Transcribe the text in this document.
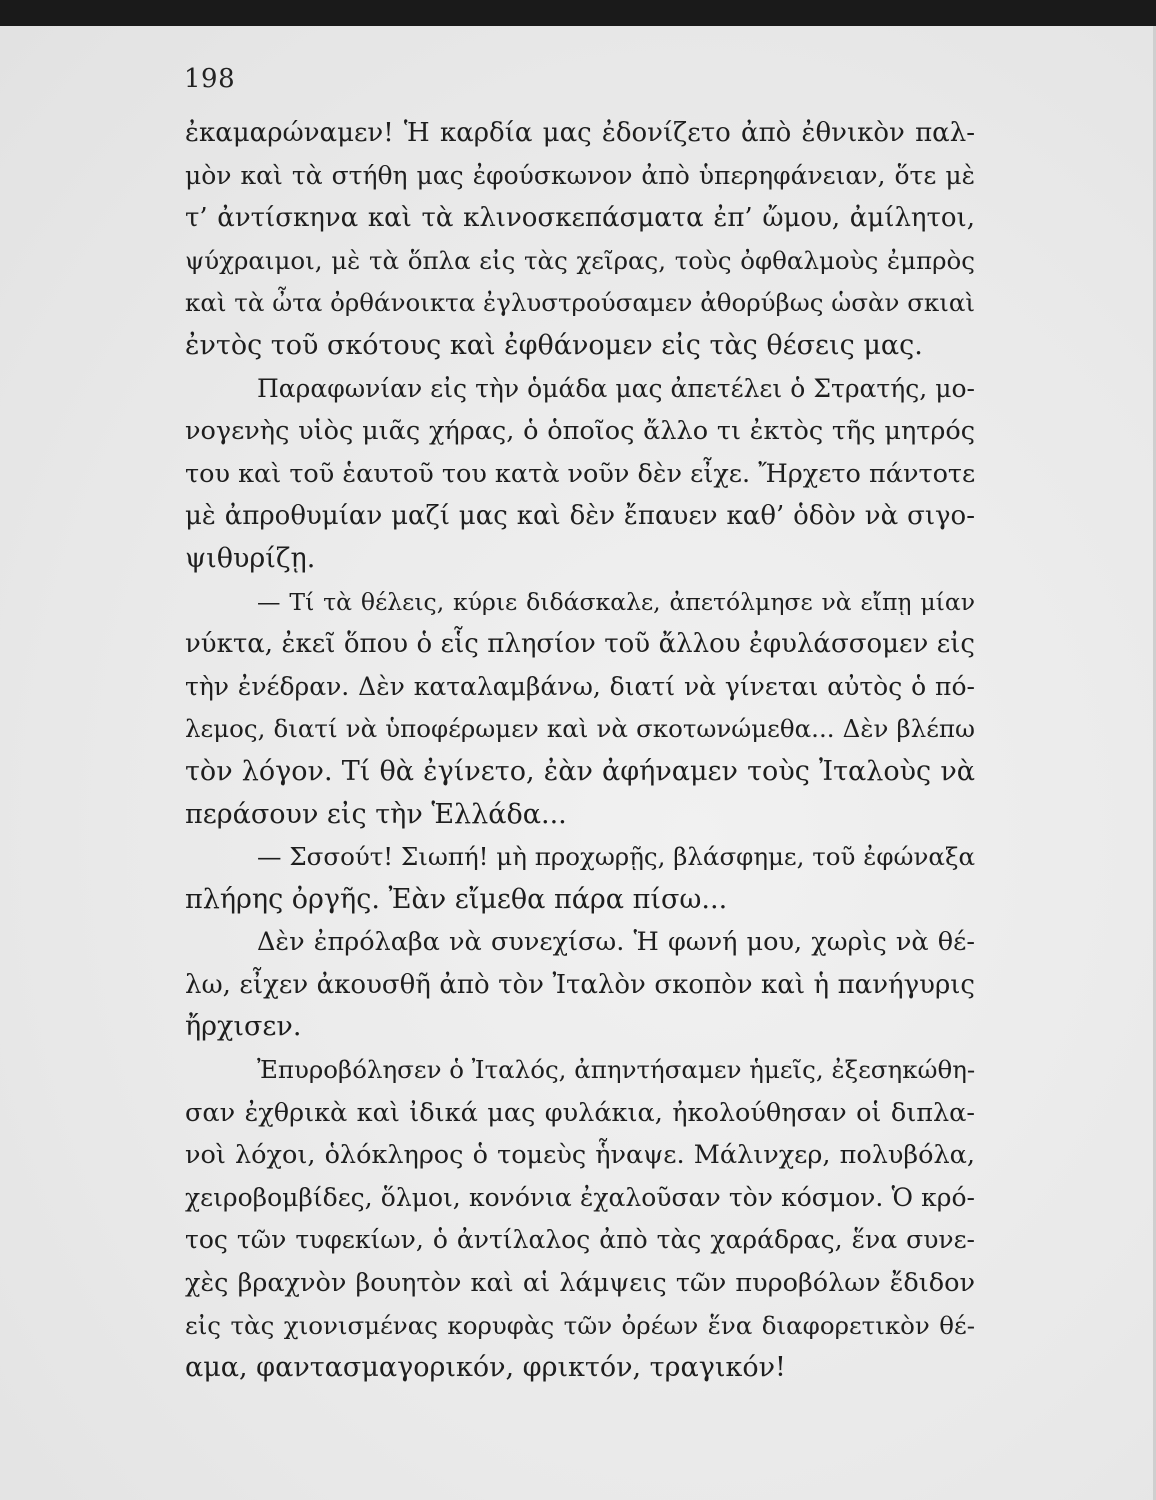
198
ἐκαμαρώναμεν! Ἡ καρδία μας ἐδονίζετο ἀπὸ ἐθνικὸν παλ-
μὸν καὶ τὰ στήθη μας ἐφούσκωνον ἀπὸ ὑπερηφάνειαν, ὅτε μὲ
τ’ ἀντίσκηνα καὶ τὰ κλινοσκεπάσματα ἐπ’ ὤμου, ἀμίλητοι,
ψύχραιμοι, μὲ τὰ ὅπλα εἰς τὰς χεῖρας, τοὺς ὀφθαλμοὺς ἐμπρὸς
καὶ τὰ ὦτα ὀρθάνοικτα ἐγλυστρούσαμεν ἀθορύβως ὡσὰν σκιαὶ
ἐντὸς τοῦ σκότους καὶ ἐφθάνομεν εἰς τὰς θέσεις μας.
Παραφωνίαν εἰς τὴν ὁμάδα μας ἀπετέλει ὁ Στρατής, μο-
νογενὴς υἱὸς μιᾶς χήρας, ὁ ὁποῖος ἄλλο τι ἐκτὸς τῆς μητρός
του καὶ τοῦ ἑαυτοῦ του κατὰ νοῦν δὲν εἶχε. Ἤρχετο πάντοτε
μὲ ἀπροθυμίαν μαζί μας καὶ δὲν ἔπαυεν καθ’ ὁδὸν νὰ σιγο-
ψιθυρίζῃ.
— Τί τὰ θέλεις, κύριε διδάσκαλε, ἀπετόλμησε νὰ εἴπῃ μίαν
νύκτα, ἐκεῖ ὅπου ὁ εἷς πλησίον τοῦ ἄλλου ἐφυλάσσομεν εἰς
τὴν ἐνέδραν. Δὲν καταλαμβάνω, διατί νὰ γίνεται αὐτὸς ὁ πό-
λεμος, διατί νὰ ὑποφέρωμεν καὶ νὰ σκοτωνώμεθα... Δὲν βλέπω
τὸν λόγον. Τί θὰ ἐγίνετο, ἐὰν ἀφήναμεν τοὺς Ἰταλοὺς νὰ
περάσουν εἰς τὴν Ἑλλάδα...
— Σσσούτ! Σιωπή! μὴ προχωρῇς, βλάσφημε, τοῦ ἐφώναξα
πλήρης ὀργῆς. Ἐὰν εἴμεθα πάρα πίσω...
Δὲν ἐπρόλαβα νὰ συνεχίσω. Ἡ φωνή μου, χωρὶς νὰ θέ-
λω, εἶχεν ἀκουσθῆ ἀπὸ τὸν Ἰταλὸν σκοπὸν καὶ ἡ πανήγυρις
ἤρχισεν.
Ἐπυροβόλησεν ὁ Ἰταλός, ἀπηντήσαμεν ἡμεῖς, ἐξεσηκώθη-
σαν ἐχθρικὰ καὶ ἰδικά μας φυλάκια, ἠκολούθησαν οἱ διπλα-
νοὶ λόχοι, ὁλόκληρος ὁ τομεὺς ἧναψε. Μάλινχερ, πολυβόλα,
χειροβομβίδες, ὅλμοι, κονόνια ἐχαλοῦσαν τὸν κόσμον. Ὁ κρό-
τος τῶν τυφεκίων, ὁ ἀντίλαλος ἀπὸ τὰς χαράδρας, ἕνα συνε-
χὲς βραχνὸν βουητὸν καὶ αἱ λάμψεις τῶν πυροβόλων ἔδιδον
εἰς τὰς χιονισμένας κορυφὰς τῶν ὀρέων ἕνα διαφορετικὸν θέ-
αμα, φαντασμαγορικόν, φρικτόν, τραγικόν!
